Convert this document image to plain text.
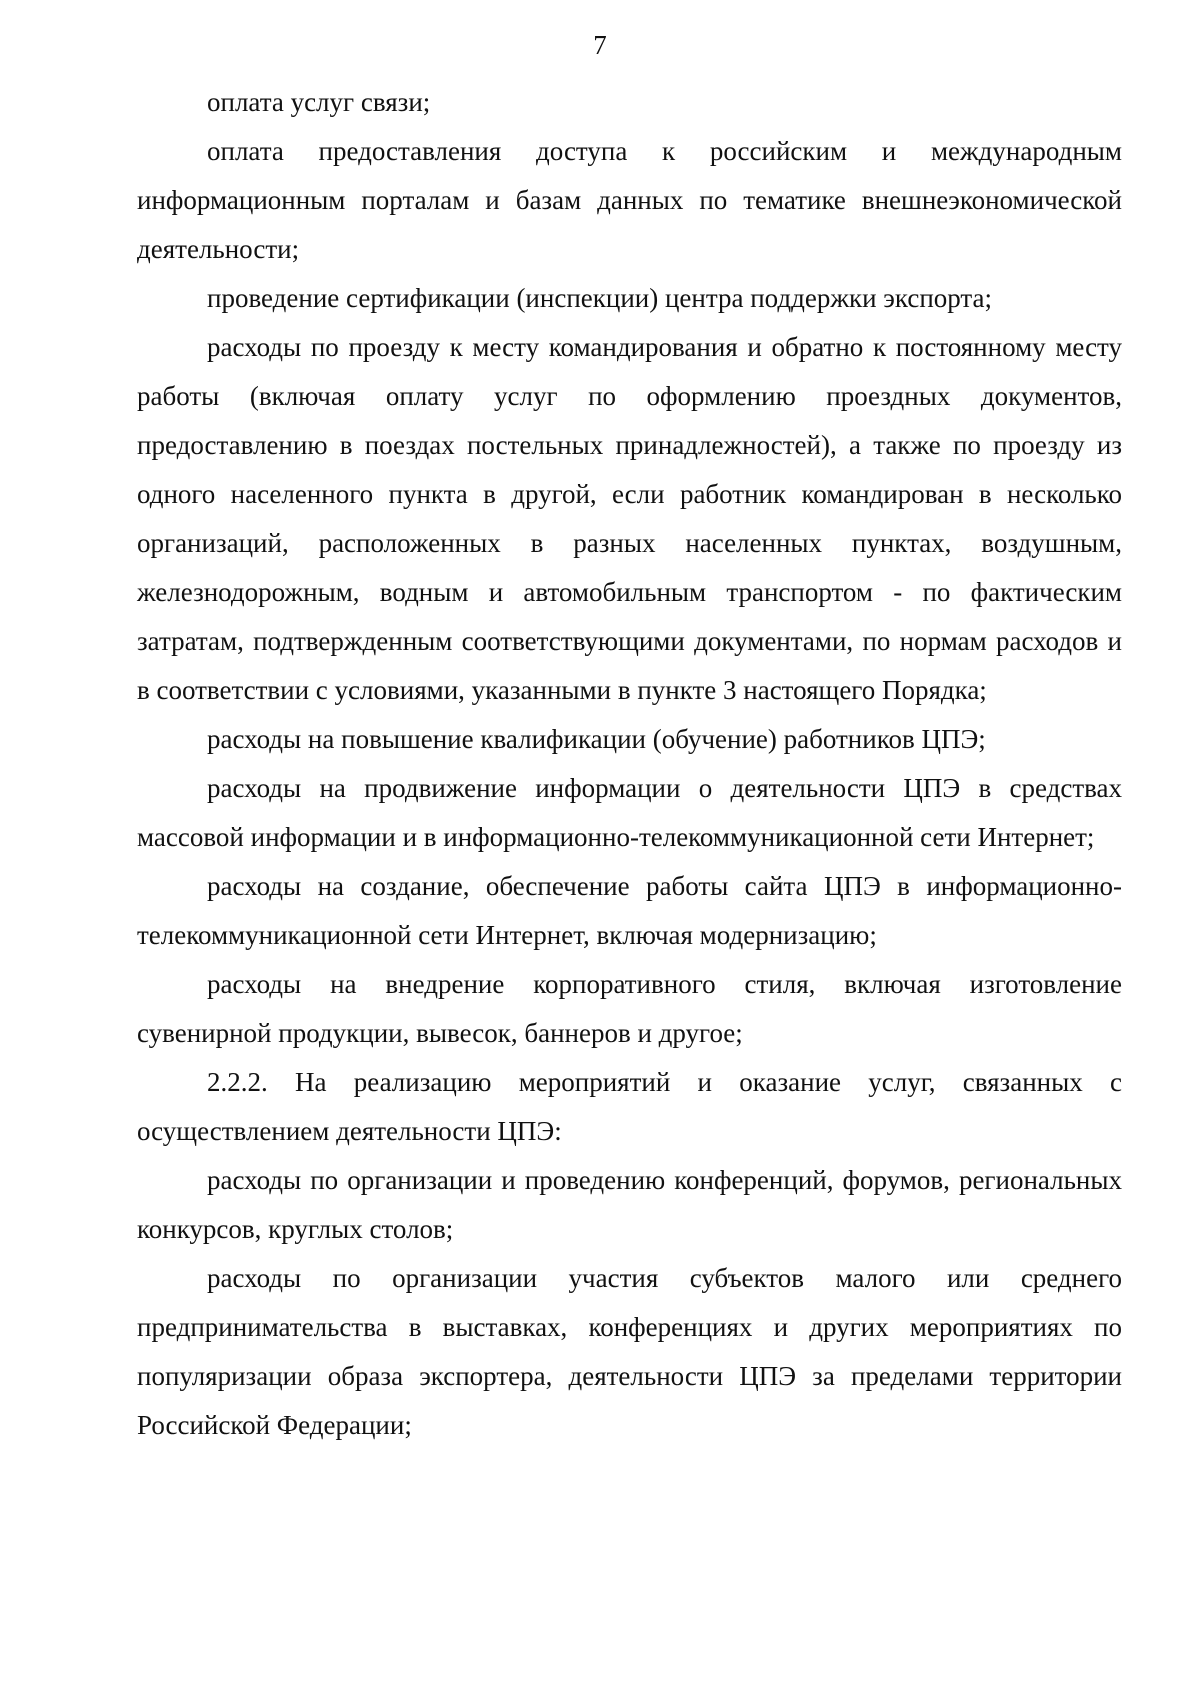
7

оплата услуг связи;

оплата предоставления доступа к российским и международным информационным порталам и базам данных по тематике внешнеэкономической деятельности;

проведение сертификации (инспекции) центра поддержки экспорта;

расходы по проезду к месту командирования и обратно к постоянному месту работы (включая оплату услуг по оформлению проездных документов, предоставлению в поездах постельных принадлежностей), а также по проезду из одного населенного пункта в другой, если работник командирован в несколько организаций, расположенных в разных населенных пунктах, воздушным, железнодорожным, водным и автомобильным транспортом - по фактическим затратам, подтвержденным соответствующими документами, по нормам расходов и в соответствии с условиями, указанными в пункте 3 настоящего Порядка;

расходы на повышение квалификации (обучение) работников ЦПЭ;

расходы на продвижение информации о деятельности ЦПЭ в средствах массовой информации и в информационно-телекоммуникационной сети Интернет;

расходы на создание, обеспечение работы сайта ЦПЭ в информационно-телекоммуникационной сети Интернет, включая модернизацию;

расходы на внедрение корпоративного стиля, включая изготовление сувенирной продукции, вывесок, баннеров и другое;

2.2.2. На реализацию мероприятий и оказание услуг, связанных с осуществлением деятельности ЦПЭ:

расходы по организации и проведению конференций, форумов, региональных конкурсов, круглых столов;

расходы по организации участия субъектов малого или среднего предпринимательства в выставках, конференциях и других мероприятиях по популяризации образа экспортера, деятельности ЦПЭ за пределами территории Российской Федерации;
